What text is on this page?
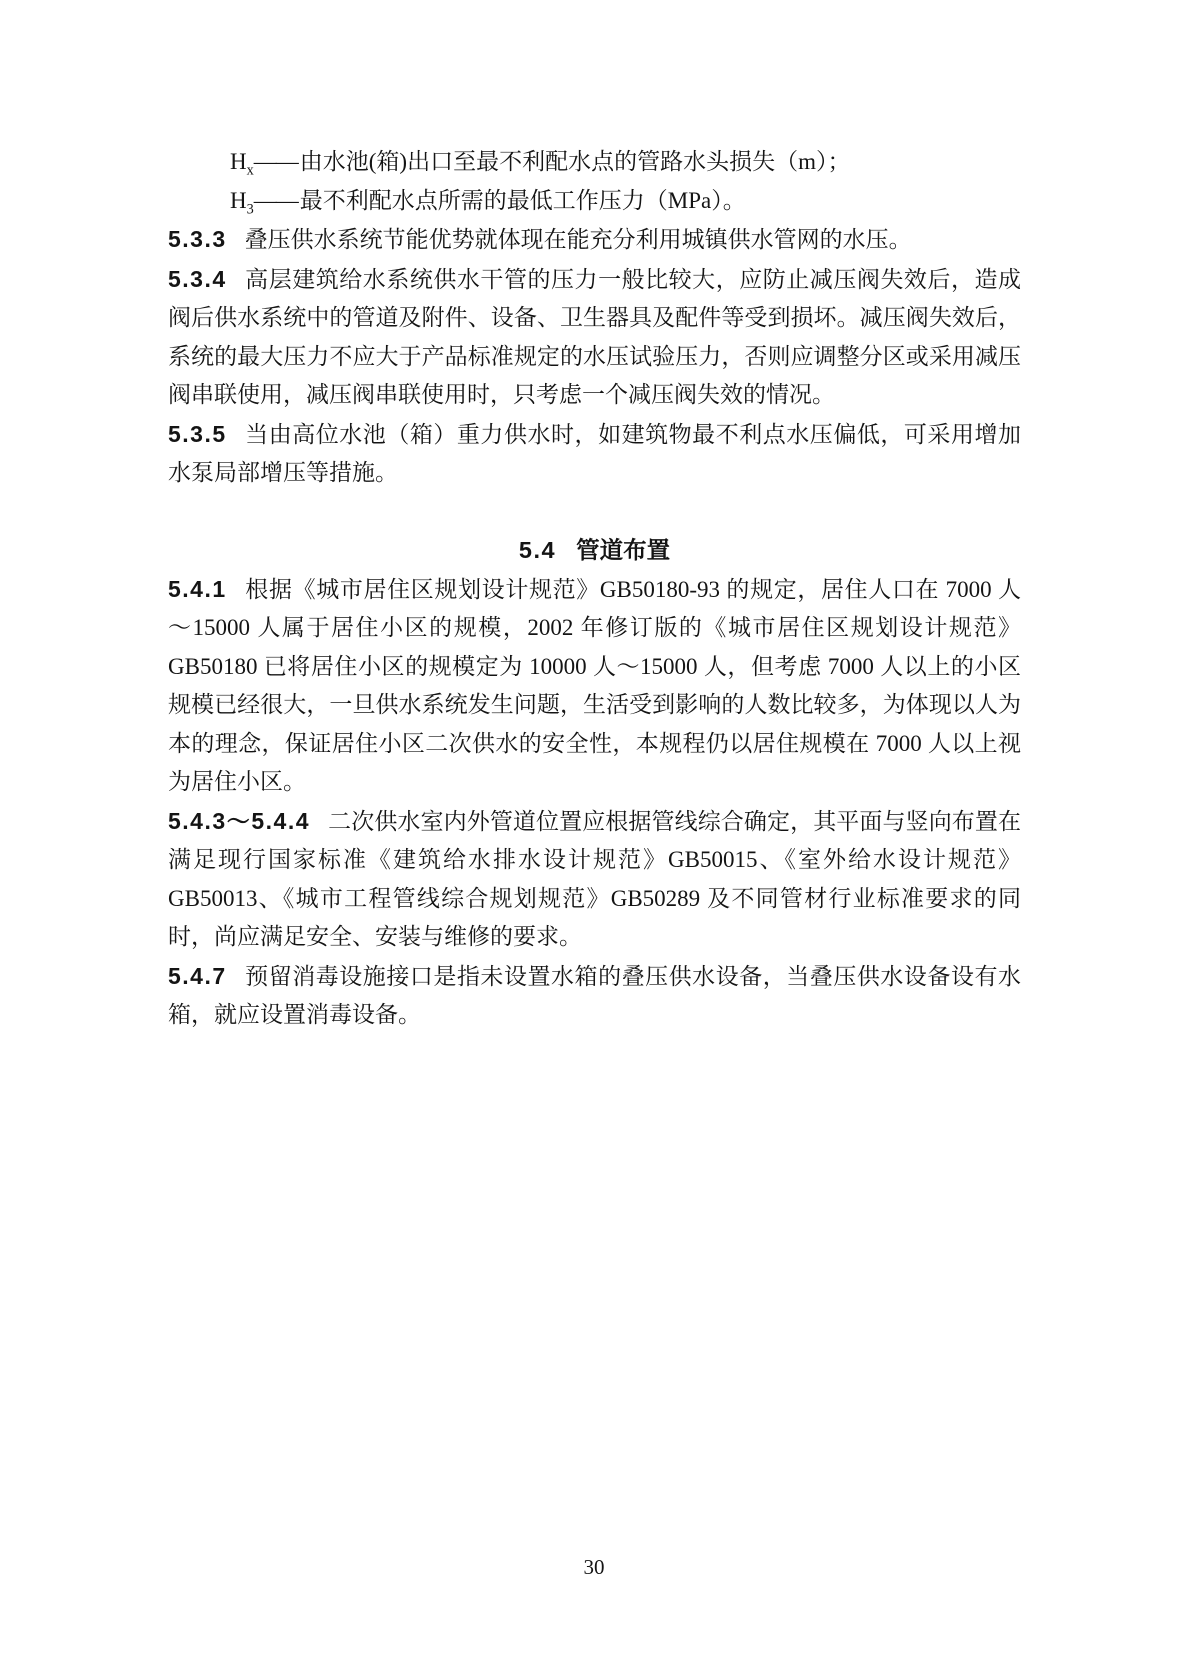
$H_x——$由水池(箱)出口至最不利配水点的管路水头损失（m）；

$H_3——$最不利配水点所需的最低工作压力（MPa）。

5.3.3 叠压供水系统节能优势就体现在能充分利用城镇供水管网的水压。

5.3.4 高层建筑给水系统供水干管的压力一般比较大，应防止减压阀失效后，造成阀后供水系统中的管道及附件、设备、卫生器具及配件等受到损坏。减压阀失效后，系统的最大压力不应大于产品标准规定的水压试验压力，否则应调整分区或采用减压阀串联使用，减压阀串联使用时，只考虑一个减压阀失效的情况。

5.3.5 当由高位水池（箱）重力供水时，如建筑物最不利点水压偏低，可采用增加水泵局部增压等措施。

5.4 管道布置

5.4.1 根据《城市居住区规划设计规范》GB50180-93 的规定，居住人口在 7000 人～15000 人属于居住小区的规模，2002 年修订版的《城市居住区规划设计规范》GB50180 已将居住小区的规模定为 10000 人～15000 人，但考虑 7000 人以上的小区规模已经很大，一旦供水系统发生问题，生活受到影响的人数比较多，为体现以人为本的理念，保证居住小区二次供水的安全性，本规程仍以居住规模在 7000 人以上视为居住小区。

5.4.3～5.4.4 二次供水室内外管道位置应根据管线综合确定，其平面与竖向布置在满足现行国家标准《建筑给水排水设计规范》GB50015、《室外给水设计规范》GB50013、《城市工程管线综合规划规范》GB50289 及不同管材行业标准要求的同时，尚应满足安全、安装与维修的要求。

5.4.7 预留消毒设施接口是指未设置水箱的叠压供水设备，当叠压供水设备设有水箱，就应设置消毒设备。

30
